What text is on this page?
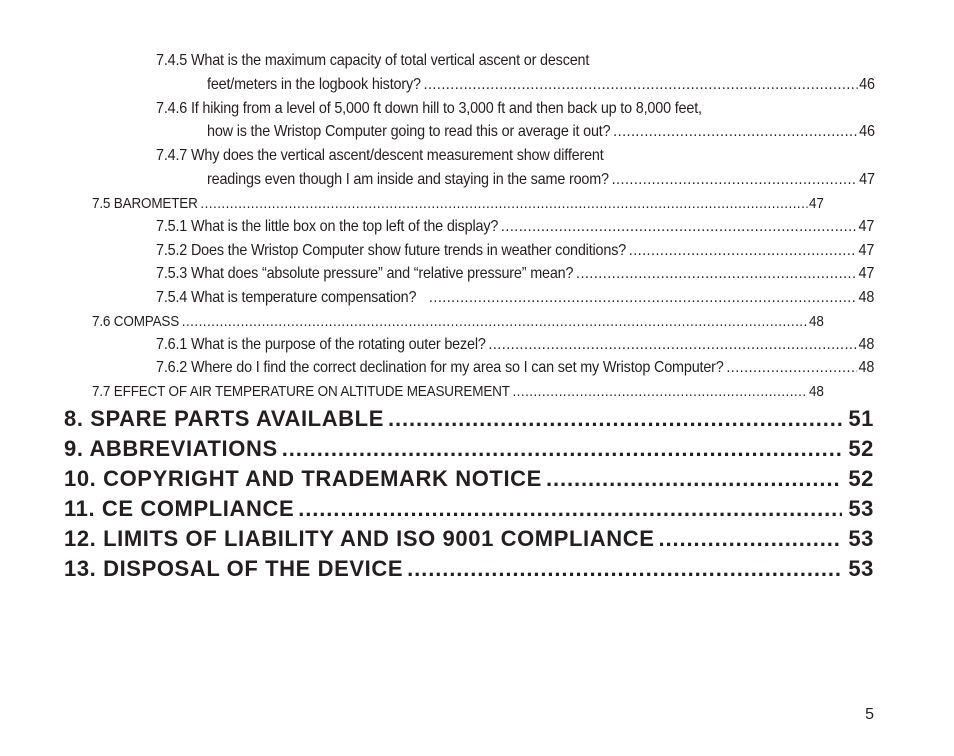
7.4.5 What is the maximum capacity of total vertical ascent or descent
feet/meters in the logbook history? .....	46
7.4.6 If hiking from a level of 5,000 ft down hill to 3,000 ft and then back up to 8,000 feet,
how is the Wristop Computer going to read this or average it out? .....	46
7.4.7 Why does the vertical ascent/descent measurement show different
readings even though I am inside and staying in the same room? .....	47
7.5 BAROMETER .....	47
7.5.1 What is the little box on the top left of the display? .....	47
7.5.2 Does the Wristop Computer show future trends in weather conditions? .....	47
7.5.3 What does “absolute pressure” and “relative pressure” mean? .....	47
7.5.4 What is temperature compensation? .....	48
7.6 COMPASS .....	48
7.6.1 What is the purpose of the rotating outer bezel? .....	48
7.6.2 Where do I find the correct declination for my area so I can set my Wristop Computer? .....	48
7.7 EFFECT OF AIR TEMPERATURE ON ALTITUDE MEASUREMENT .....	48
8. SPARE PARTS AVAILABLE .....	51
9. ABBREVIATIONS .....	52
10. COPYRIGHT AND TRADEMARK NOTICE .....	52
11. CE COMPLIANCE .....	53
12. LIMITS OF LIABILITY AND ISO 9001 COMPLIANCE .....	53
13. DISPOSAL OF THE DEVICE .....	53
5
